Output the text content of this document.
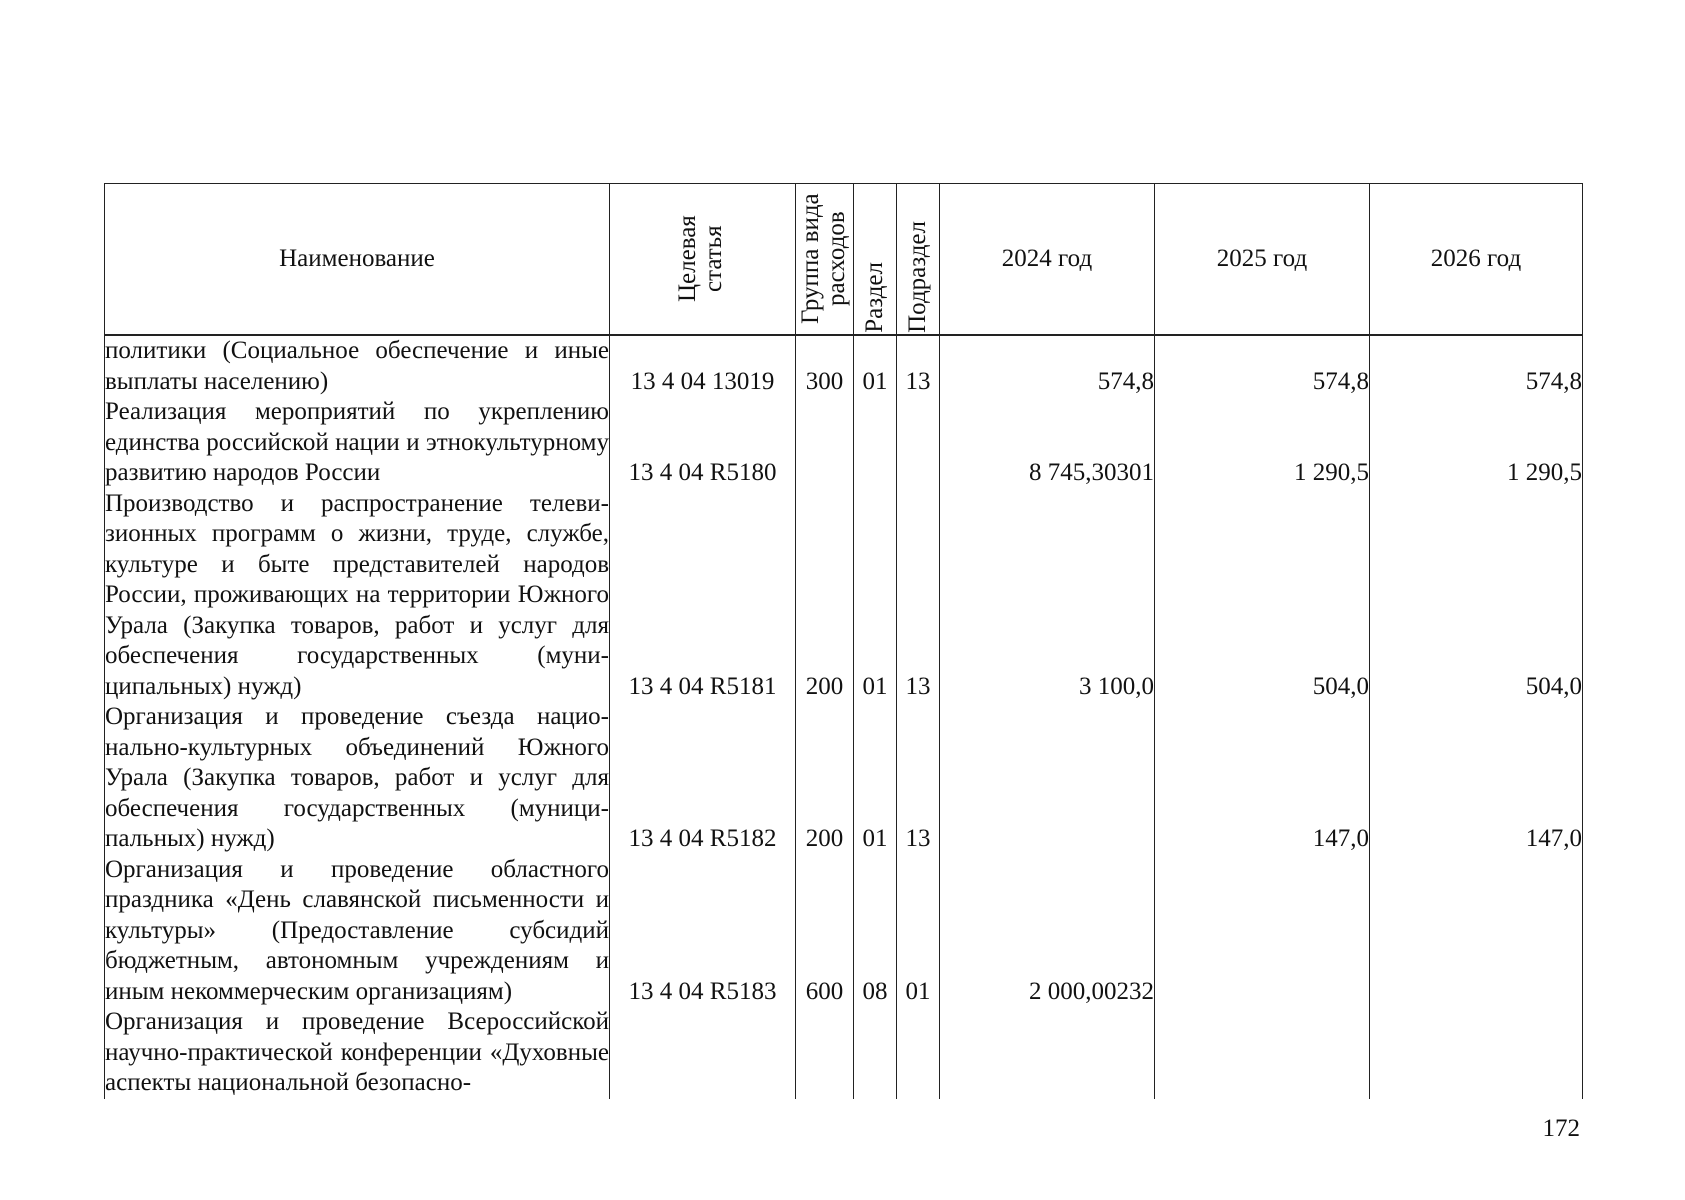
Наименование	Целевая статья	Группа вида расходов	Раздел	Подраздел	2024 год	2025 год	2026 год
политики (Социальное обеспечение и иные выплаты населению)	13 4 04 13019	300	01	13	574,8	574,8	574,8
Реализация мероприятий по укреплению единства российской нации и этнокультурному развитию народов России	13 4 04 R5180				8 745,30301	1 290,5	1 290,5
Производство и распространение телевизионных программ о жизни, труде, службе, культуре и быте представителей народов России, проживающих на территории Южного Урала (Закупка товаров, работ и услуг для обеспечения государственных (муниципальных) нужд)	13 4 04 R5181	200	01	13	3 100,0	504,0	504,0
Организация и проведение съезда национально-культурных объединений Южного Урала (Закупка товаров, работ и услуг для обеспечения государственных (муниципальных) нужд)	13 4 04 R5182	200	01	13		147,0	147,0
Организация и проведение областного праздника «День славянской письменности и культуры» (Предоставление субсидий бюджетным, автономным учреждениям и иным некоммерческим организациям)	13 4 04 R5183	600	08	01	2 000,00232		
Организация и проведение Всероссийской научно-практической конференции «Духовные аспекты национальной безопасно-							
172
